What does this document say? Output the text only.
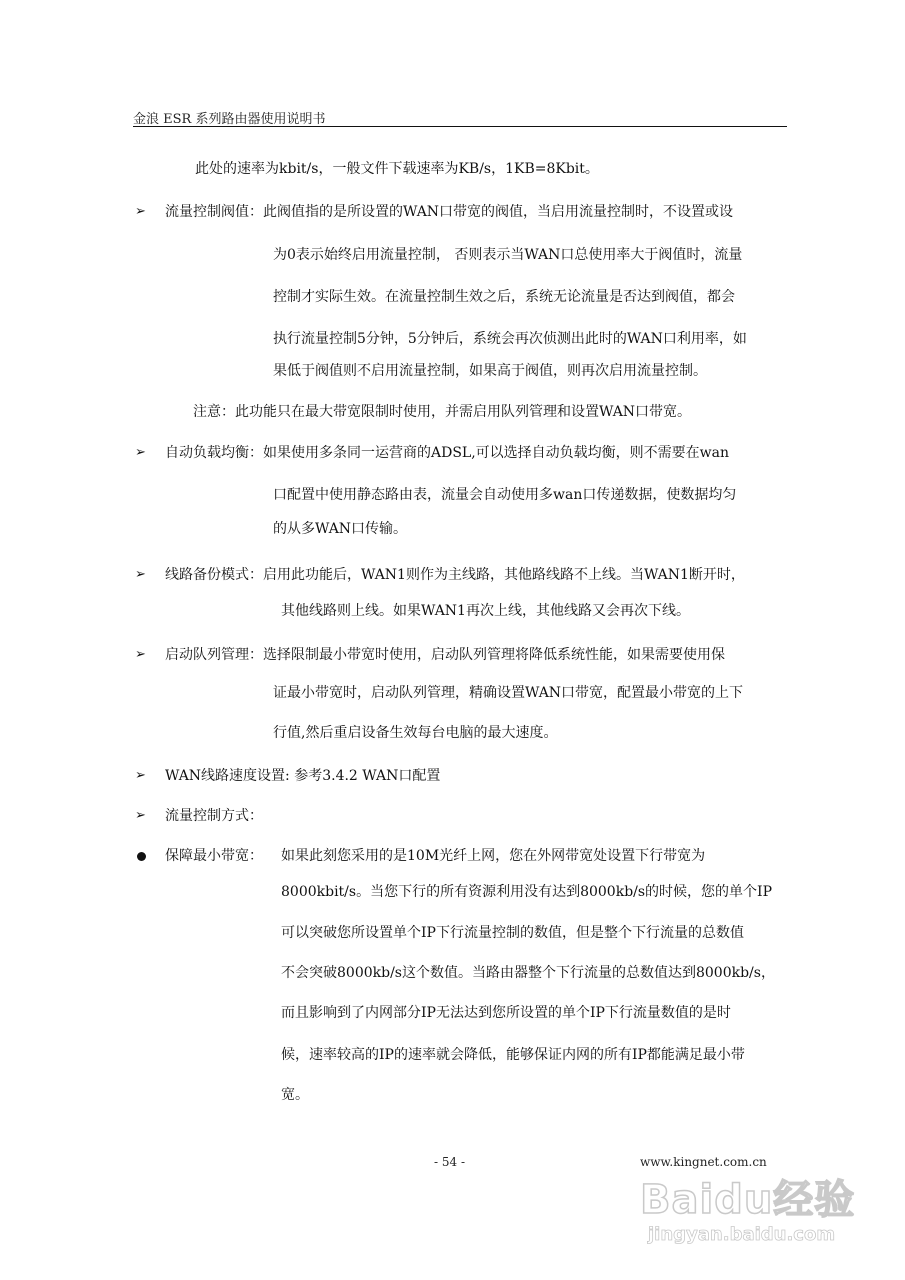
金浪 ESR 系列路由器使用说明书
此处的速率为kbit/s，一般文件下载速率为KB/s，1KB=8Kbit。
➢ 流量控制阀值：此阀值指的是所设置的WAN口带宽的阀值，当启用流量控制时，不设置或设
为0表示始终启用流量控制， 否则表示当WAN口总使用率大于阀值时，流量
控制才实际生效。在流量控制生效之后，系统无论流量是否达到阀值，都会
执行流量控制5分钟，5分钟后，系统会再次侦测出此时的WAN口利用率，如
果低于阀值则不启用流量控制，如果高于阀值，则再次启用流量控制。
注意：此功能只在最大带宽限制时使用，并需启用队列管理和设置WAN口带宽。
➢ 自动负载均衡：如果使用多条同一运营商的ADSL,可以选择自动负载均衡，则不需要在wan
口配置中使用静态路由表，流量会自动使用多wan口传递数据，使数据均匀
的从多WAN口传输。
➢ 线路备份模式：启用此功能后，WAN1则作为主线路，其他路线路不上线。当WAN1断开时，
其他线路则上线。如果WAN1再次上线，其他线路又会再次下线。
➢ 启动队列管理：选择限制最小带宽时使用，启动队列管理将降低系统性能，如果需要使用保
证最小带宽时，启动队列管理，精确设置WAN口带宽，配置最小带宽的上下
行值,然后重启设备生效每台电脑的最大速度。
➢ WAN线路速度设置: 参考3.4.2 WAN口配置
➢ 流量控制方式：
保障最小带宽： 如果此刻您采用的是10M光纤上网，您在外网带宽处设置下行带宽为
8000kbit/s。当您下行的所有资源利用没有达到8000kb/s的时候，您的单个IP
可以突破您所设置单个IP下行流量控制的数值，但是整个下行流量的总数值
不会突破8000kb/s这个数值。当路由器整个下行流量的总数值达到8000kb/s，
而且影响到了内网部分IP无法达到您所设置的单个IP下行流量数值的是时
候，速率较高的IP的速率就会降低，能够保证内网的所有IP都能满足最小带
宽。
- 54 -	www.kingnet.com.cn
Baidu经验
jingyan.baidu.com
